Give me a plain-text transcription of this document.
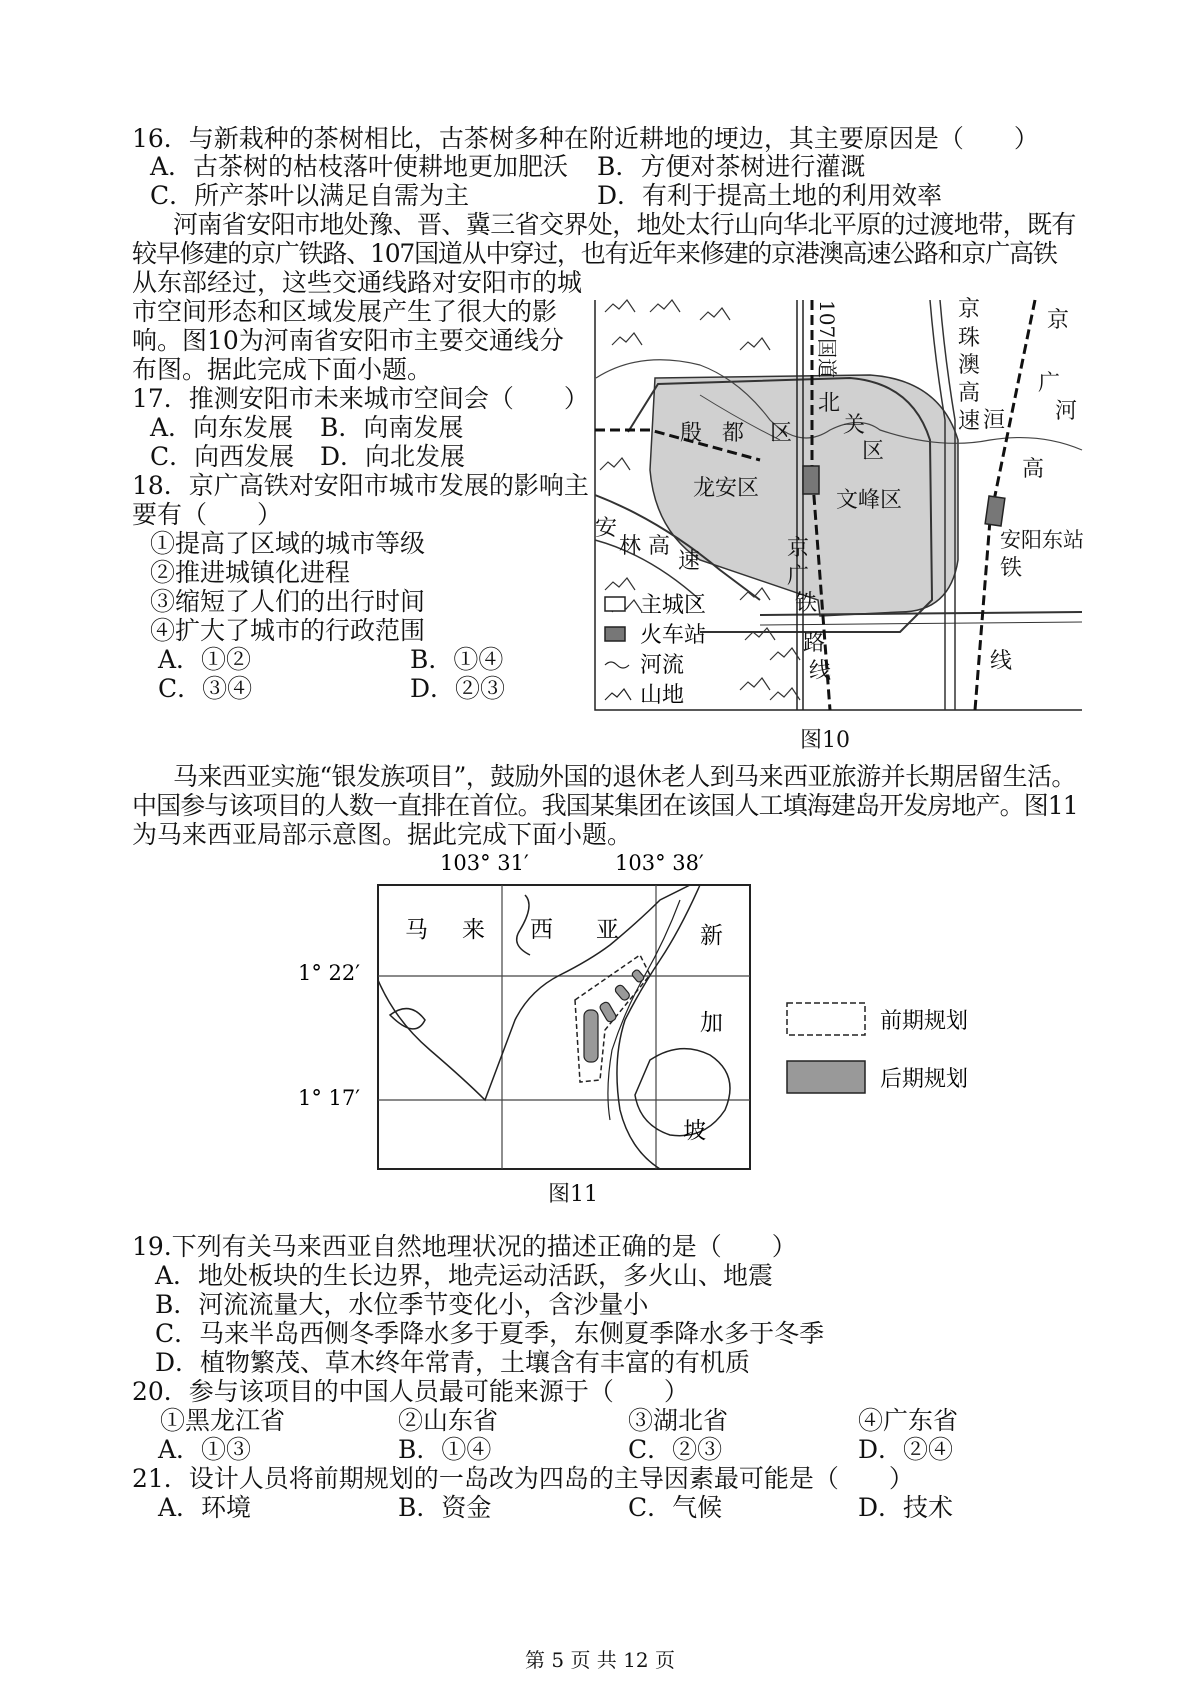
16．与新栽种的茶树相比，古茶树多种在附近耕地的埂边，其主要原因是（　　）
A．古茶树的枯枝落叶使耕地更加肥沃 B．方便对茶树进行灌溉
C．所产茶叶以满足自需为主	D．有利于提高土地的利用效率
河南省安阳市地处豫、晋、冀三省交界处，地处太行山向华北平原的过渡地带，既有
较早修建的京广铁路、107国道从中穿过，也有近年来修建的京港澳高速公路和京广高铁
从东部经过，这些交通线路对安阳市的城
市空间形态和区域发展产生了很大的影
响。图10为河南省安阳市主要交通线分
布图。据此完成下面小题。
17．推测安阳市未来城市空间会（　　）
A．向东发展 B．向南发展
C．向西发展 D．向北发展
18．京广高铁对安阳市城市发展的影响主
要有（　　）
①提高了区域的城市等级
②推进城镇化进程
③缩短了人们的出行时间
④扩大了城市的行政范围
A．①②	B．①④
C．③④	D．②③
主城区
火车站
河流
山地
殷 都 区
北
关
区
龙安区	文峰区
107国道	京
珠
澳
高
速
京
广
洹 河
高
安阳东站
铁
线
安
林 高
速
京
广
铁
路
线
图10
马来西亚实施“银发族项目”，鼓励外国的退休老人到马来西亚旅游并长期居留生活。
中国参与该项目的人数一直排在首位。我国某集团在该国人工填海建岛开发房地产。图11
为马来西亚局部示意图。据此完成下面小题。
103° 31′	103° 38′
1° 22′
1° 17′
马 来 西 亚	新
加
坡
前期规划
后期规划
图11
19.下列有关马来西亚自然地理状况的描述正确的是（　　）
A．地处板块的生长边界，地壳运动活跃，多火山、地震
B．河流流量大，水位季节变化小，含沙量小
C．马来半岛西侧冬季降水多于夏季，东侧夏季降水多于冬季
D．植物繁茂、草木终年常青，土壤含有丰富的有机质
20．参与该项目的中国人员最可能来源于（　　）
①黑龙江省	②山东省	③湖北省	④广东省
A．①③	B．①④	C．②③	D．②④
21．设计人员将前期规划的一岛改为四岛的主导因素最可能是（　　）
A．环境	B．资金	C．气候	D．技术
第 5 页 共 12 页
